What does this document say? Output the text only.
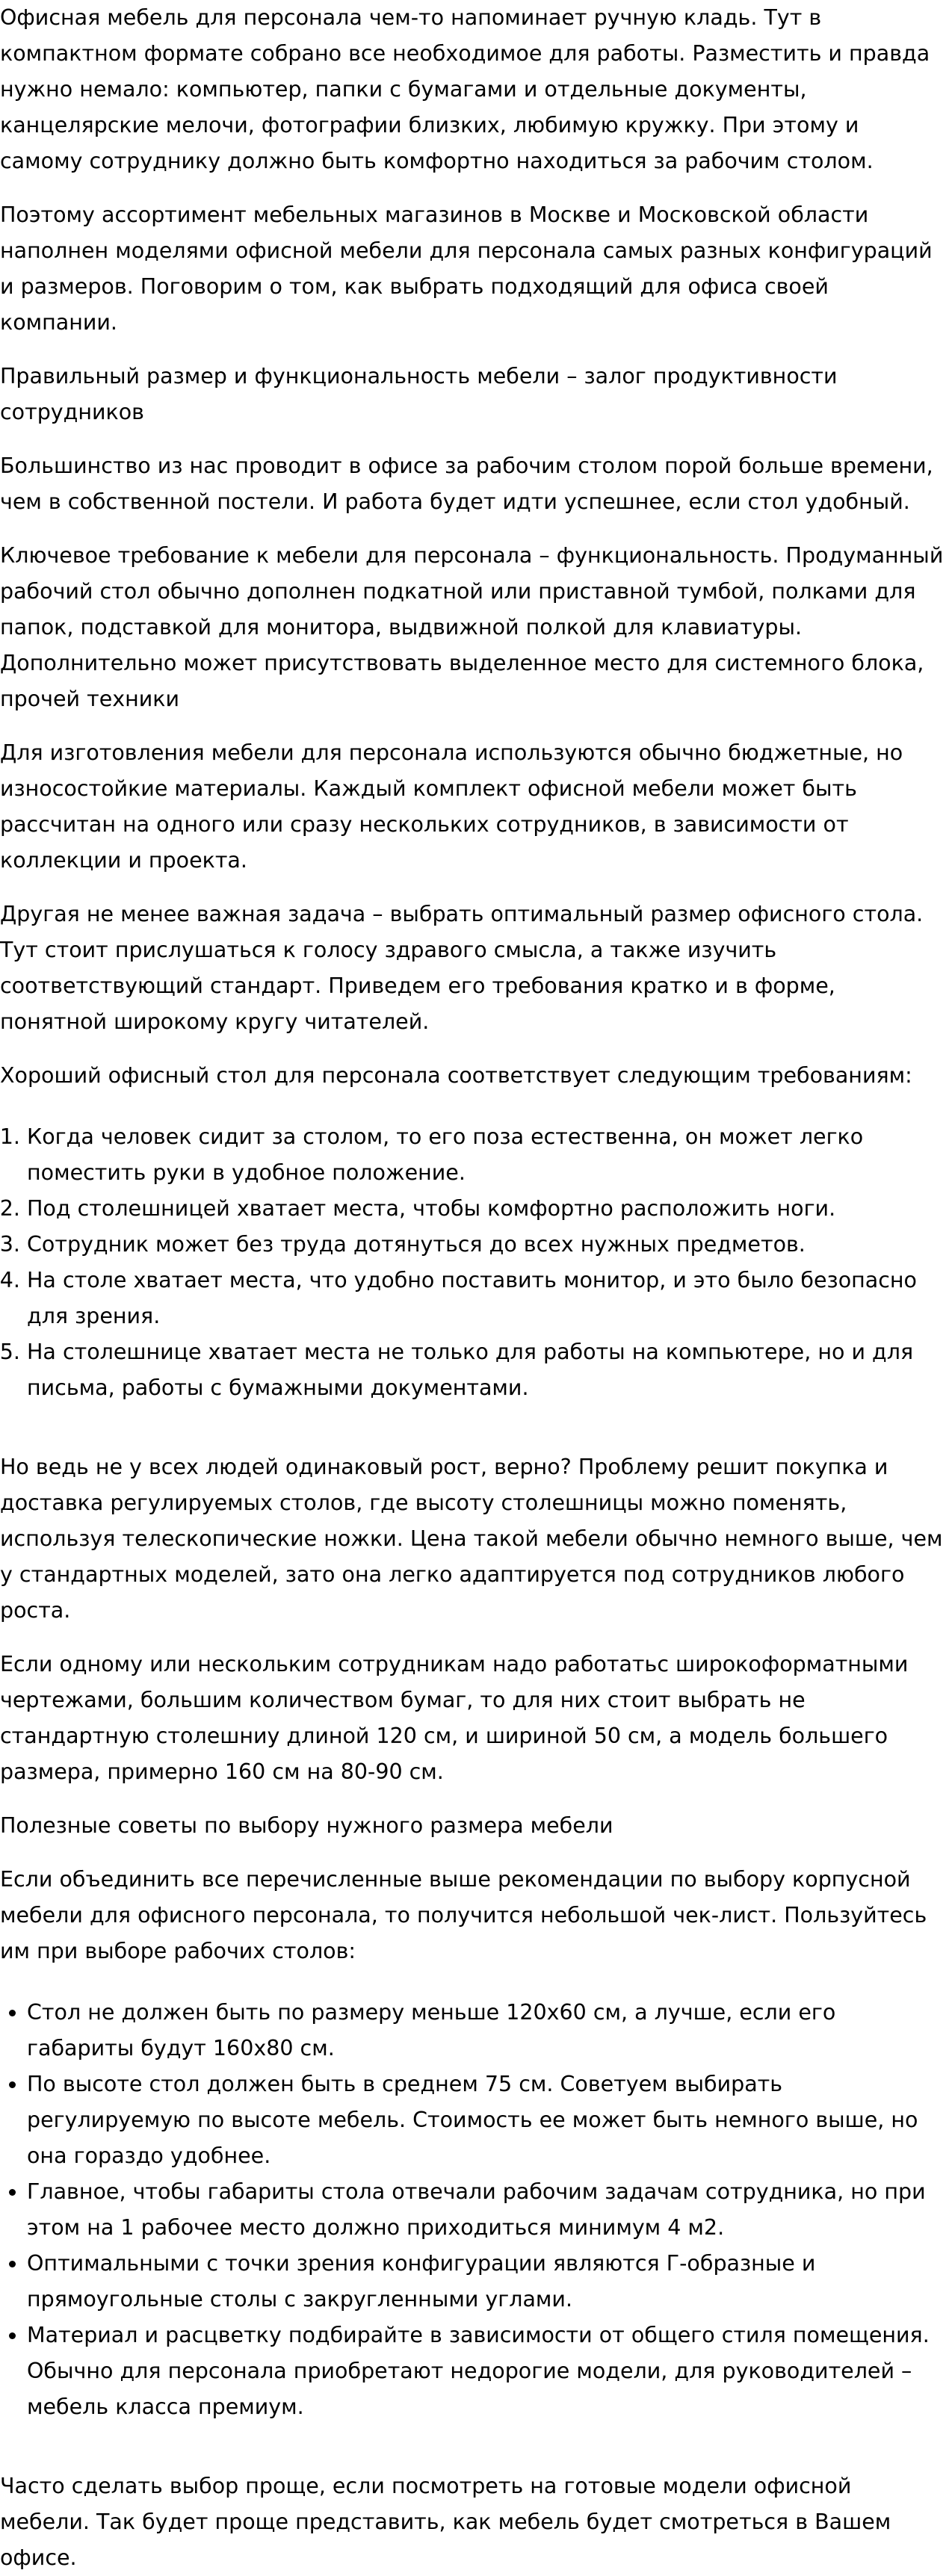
Офисная мебель для персонала чем-то напоминает ручную кладь. Тут в компактном формате собрано все необходимое для работы. Разместить и правда нужно немало: компьютер, папки с бумагами и отдельные документы, канцелярские мелочи, фотографии близких, любимую кружку. При этому и самому сотруднику должно быть комфортно находиться за рабочим столом.

Поэтому ассортимент мебельных магазинов в Москве и Московской области наполнен моделями офисной мебели для персонала самых разных конфигураций и размеров. Поговорим о том, как выбрать подходящий для офиса своей компании.

Правильный размер и функциональность мебели – залог продуктивности сотрудников

Большинство из нас проводит в офисе за рабочим столом порой больше времени, чем в собственной постели. И работа будет идти успешнее, если стол удобный.

Ключевое требование к мебели для персонала – функциональность. Продуманный рабочий стол обычно дополнен подкатной или приставной тумбой, полками для папок, подставкой для монитора, выдвижной полкой для клавиатуры. Дополнительно может присутствовать выделенное место для системного блока, прочей техники

Для изготовления мебели для персонала используются обычно бюджетные, но износостойкие материалы. Каждый комплект офисной мебели может быть рассчитан на одного или сразу нескольких сотрудников, в зависимости от коллекции и проекта.

Другая не менее важная задача – выбрать оптимальный размер офисного стола. Тут стоит прислушаться к голосу здравого смысла, а также изучить соответствующий стандарт. Приведем его требования кратко и в форме, понятной широкому кругу читателей.

Хороший офисный стол для персонала соответствует следующим требованиям:

1. Когда человек сидит за столом, то его поза естественна, он может легко поместить руки в удобное положение.
2. Под столешницей хватает места, чтобы комфортно расположить ноги.
3. Сотрудник может без труда дотянуться до всех нужных предметов.
4. На столе хватает места, что удобно поставить монитор, и это было безопасно для зрения.
5. На столешнице хватает места не только для работы на компьютере, но и для письма, работы с бумажными документами.

Но ведь не у всех людей одинаковый рост, верно? Проблему решит покупка и доставка регулируемых столов, где высоту столешницы можно поменять, используя телескопические ножки. Цена такой мебели обычно немного выше, чем у стандартных моделей, зато она легко адаптируется под сотрудников любого роста.

Если одному или нескольким сотрудникам надо работатьс широкоформатными чертежами, большим количеством бумаг, то для них стоит выбрать не стандартную столешниу длиной 120 см, и шириной 50 см, а модель большего размера, примерно 160 см на 80-90 см.

Полезные советы по выбору нужного размера мебели

Если объединить все перечисленные выше рекомендации по выбору корпусной мебели для офисного персонала, то получится небольшой чек-лист. Пользуйтесь им при выборе рабочих столов:

• Стол не должен быть по размеру меньше 120х60 см, а лучше, если его габариты будут 160х80 см.
• По высоте стол должен быть в среднем 75 см. Советуем выбирать регулируемую по высоте мебель. Стоимость ее может быть немного выше, но она гораздо удобнее.
• Главное, чтобы габариты стола отвечали рабочим задачам сотрудника, но при этом на 1 рабочее место должно приходиться минимум 4 м2.
• Оптимальными с точки зрения конфигурации являются Г-образные и прямоугольные столы с закругленными углами.
• Материал и расцветку подбирайте в зависимости от общего стиля помещения. Обычно для персонала приобретают недорогие модели, для руководителей – мебель класса премиум.

Часто сделать выбор проще, если посмотреть на готовые модели офисной мебели. Так будет проще представить, как мебель будет смотреться в Вашем офисе.
